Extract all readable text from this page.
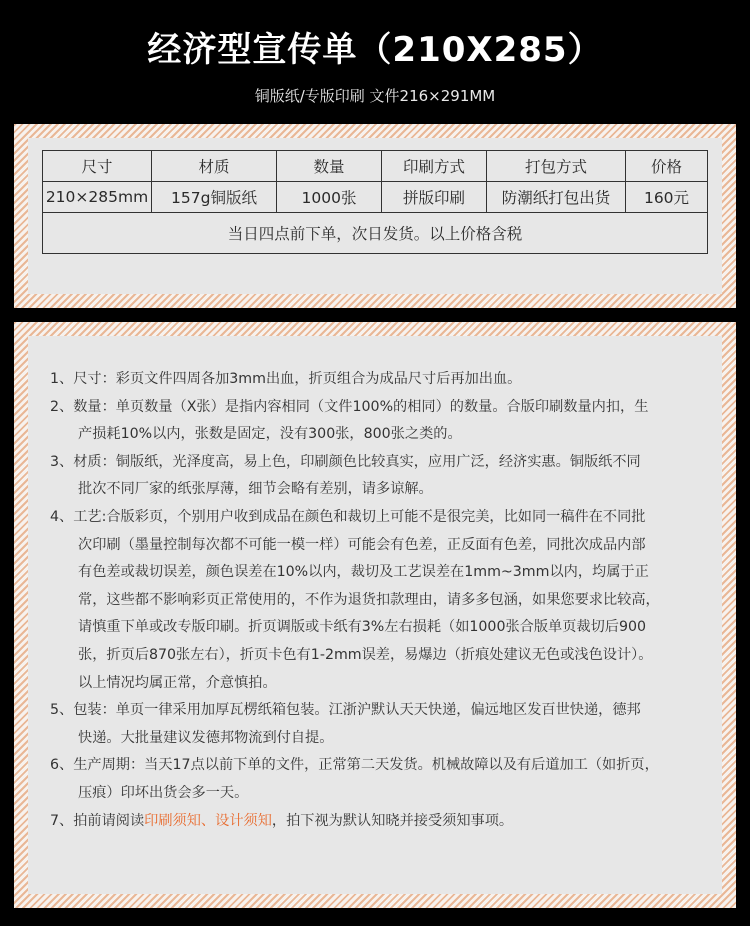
经济型宣传单（210X285）
铜版纸/专版印刷 文件216×291MM
尺寸	材质	数量	印刷方式	打包方式	价格
210×285mm	157g铜版纸	1000张	拼版印刷	防潮纸打包出货	160元
当日四点前下单，次日发货。以上价格含税					
1、尺寸：彩页文件四周各加3mm出血，折页组合为成品尺寸后再加出血。
2、数量：单页数量（X张）是指内容相同（文件100%的相同）的数量。合版印刷数量内扣，生
产损耗10%以内，张数是固定，没有300张，800张之类的。
3、材质：铜版纸，光泽度高，易上色，印刷颜色比较真实，应用广泛，经济实惠。铜版纸不同
批次不同厂家的纸张厚薄，细节会略有差别，请多谅解。
4、工艺:合版彩页，个别用户收到成品在颜色和裁切上可能不是很完美，比如同一稿件在不同批
次印刷（墨量控制每次都不可能一模一样）可能会有色差，正反面有色差，同批次成品内部
有色差或裁切误差，颜色误差在10%以内，裁切及工艺误差在1mm~3mm以内，均属于正
常，这些都不影响彩页正常使用的，不作为退货扣款理由，请多多包涵，如果您要求比较高，
请慎重下单或改专版印刷。折页调版或卡纸有3%左右损耗（如1000张合版单页裁切后900
张，折页后870张左右），折页卡色有1-2mm误差，易爆边（折痕处建议无色或浅色设计）。
以上情况均属正常，介意慎拍。
5、包装：单页一律采用加厚瓦楞纸箱包装。江浙沪默认天天快递，偏远地区发百世快递，德邦
快递。大批量建议发德邦物流到付自提。
6、生产周期：当天17点以前下单的文件，正常第二天发货。机械故障以及有后道加工（如折页，
压痕）印坏出货会多一天。
7、拍前请阅读印刷须知、设计须知，拍下视为默认知晓并接受须知事项。
